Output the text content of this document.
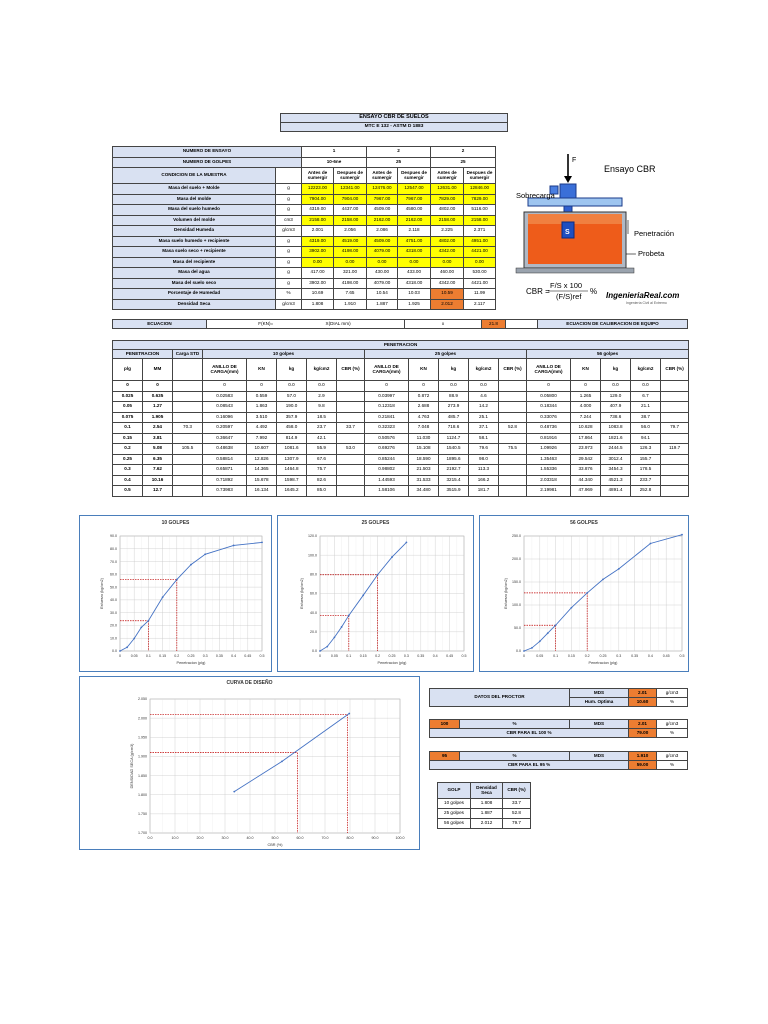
ENSAYO CBR DE SUELOS
MTC E 132 - ASTM D 1883
NUMERO DE ENSAYO		1		2		2	
NUMERO DE GOLPES		10-6ne		25		25	
CONDICION DE LA MUESTRA		Antes de sumergir	Despues de sumergir	Antes de sumergir	Despues de sumergir	Antes de sumergir	Despues de sumergir
Masa del suelo + Molde	g	12223.00	12341.00	12476.00	12547.00	12631.00	12846.00
Masa del molde	g	7904.00	7904.00	7967.00	7967.00	7829.00	7829.00
Masa del suelo humedo	g	4319.00	4437.00	4509.00	4580.00	4802.00	5116.00
Volumen del molde	cm3	2158.00	2158.00	2162.00	2162.00	2158.00	2158.00
Densidad Humeda	g/cm3	2.001	2.056	2.086	2.118	2.225	2.371
Masa suelo humedo + recipiente	g	4319.00	4519.00	4509.00	4751.00	4802.00	4951.00
Masa suelo seco + recipiente	g	3902.00	4198.00	4079.00	4318.00	4342.00	4421.00
Masa del recipiente	g	0.00	0.00	0.00	0.00	0.00	0.00
Masa del agua	g	417.00	321.00	430.00	433.00	460.00	530.00
Masa del suelo seco	g	3902.00	4198.00	4079.00	4318.00	4342.00	4421.00
Porcentaje de Humedad	%	10.69	7.65	10.54	10.03	10.59	11.99
Densidad Seca	g/cm3	1.808	1.910	1.887	1.925	2.012	2.117
F
Ensayo CBR
Sobrecarga
S	Penetración
Probeta
CBR =
F/S x 100
(F/S)ref
% IngenieriaReal.com
Ingeniería Civil al Extremo
ECUACION	F(KN)=	X(DIAL mm)	x	21.8		ECUACION DE CALIBRACION DE EQUIPO
PENETRACION																	
PENETRACION		Carga STD	10 golpes					25 golpes					56 golpes				
plg	MM		ANILLO DE CARGA(mm)	KN	kg	kg/cm2	CBR (%)	ANILLO DE CARGA(mm)	KN	kg	kg/cm2	CBR (%)	ANILLO DE CARGA(mm)	KN	kg	kg/cm2	CBR (%)
0	0		0	0	0.0	0.0		0	0	0.0	0.0		0	0	0.0	0.0	
0.025	0.635		0.02583	0.559	57.0	2.9		0.03997	0.872	88.9	4.6		0.05800	1.265	129.0	6.7	
0.05	1.27		0.08543	1.863	190.0	9.8		0.12318	2.688	273.9	14.2		0.18344	4.000	407.9	21.1	
0.075	1.905		0.16096	3.510	357.9	18.5		0.21841	4.763	485.7	25.1		0.33076	7.244	738.6	38.7	
0.1	2.54	70.3	0.20597	4.492	458.0	23.7	33.7	0.32323	7.048	718.6	37.1	52.8	0.48736	10.628	1083.8	56.0	79.7
0.15	3.81		0.36647	7.992	814.9	42.1		0.50576	11.030	1124.7	58.1		0.81916	17.864	1821.6	94.1	
0.2	5.08	105.5	0.48638	10.607	1081.6	55.9	53.0	0.69276	15.108	1540.5	79.6	75.5	1.09926	23.973	2444.5	126.3	119.7
0.25	6.35		0.58814	12.826	1307.9	67.6		0.85244	18.590	1895.6	98.0		1.35463	29.542	3012.4	155.7	
0.3	7.62		0.65871	14.365	1464.8	75.7		0.98802	21.503	2192.7	113.3		1.55336	33.876	3454.3	178.5	
0.4	10.16		0.71892	15.678	1598.7	82.6		1.44593	31.533	3215.4	166.2		2.03318	44.340	4521.3	233.7	
0.5	12.7		0.73983	16.134	1645.2	85.0		1.58106	34.480	3515.9	181.7		2.19981	47.969	4891.4	252.8	
10 GOLPES
0	0.05 0.1 0.15 0.2 0.25 0.3 0.35 0.4 0.45 0.5
0.0
10.0
20.0
30.0
40.0
50.0
60.0
70.0
80.0
90.0
Penetracion (plg)
Esfuerzo (kg/cm2)
25 GOLPES
0	0.05 0.1 0.15 0.2 0.25 0.3 0.35 0.4 0.45 0.5
0.0
20.0
40.0
60.0
80.0
100.0
120.0
Penetracion (plg)
Esfuerzo (kg/cm2)
56 GOLPES
0	0.05	0.1	0.15	0.2	0.25	0.3	0.35	0.4	0.45	0.5
0.0
50.0
100.0
150.0
200.0
250.0
Penetracion (plg)
Esfuerzo (kg/cm2)
CURVA DE DISEÑO
0.0	10.0	20.0	30.0	40.0	50.0	60.0	70.0	80.0	90.0	100.0
1.700
1.750
1.800
1.850
1.900
1.950
2.000
2.050
CBR (%)
DENSIDAD SECA (g/cm3)
DATOS DEL PROCTOR	MDS	2.01	g/cm3
	Hum. Optima	10.60	%
100	%	MDS	2.01	g/cm3
CBR PARA EL 100 %			79.00	%
95	%	MDS	1.910	g/cm3
CBR PARA EL 95 %			59.00	%
GOLP	Densidad Seca	CBR (%)
10 golpes	1.808	33.7
25 golpes	1.887	52.8
56 golpes	2.012	79.7
